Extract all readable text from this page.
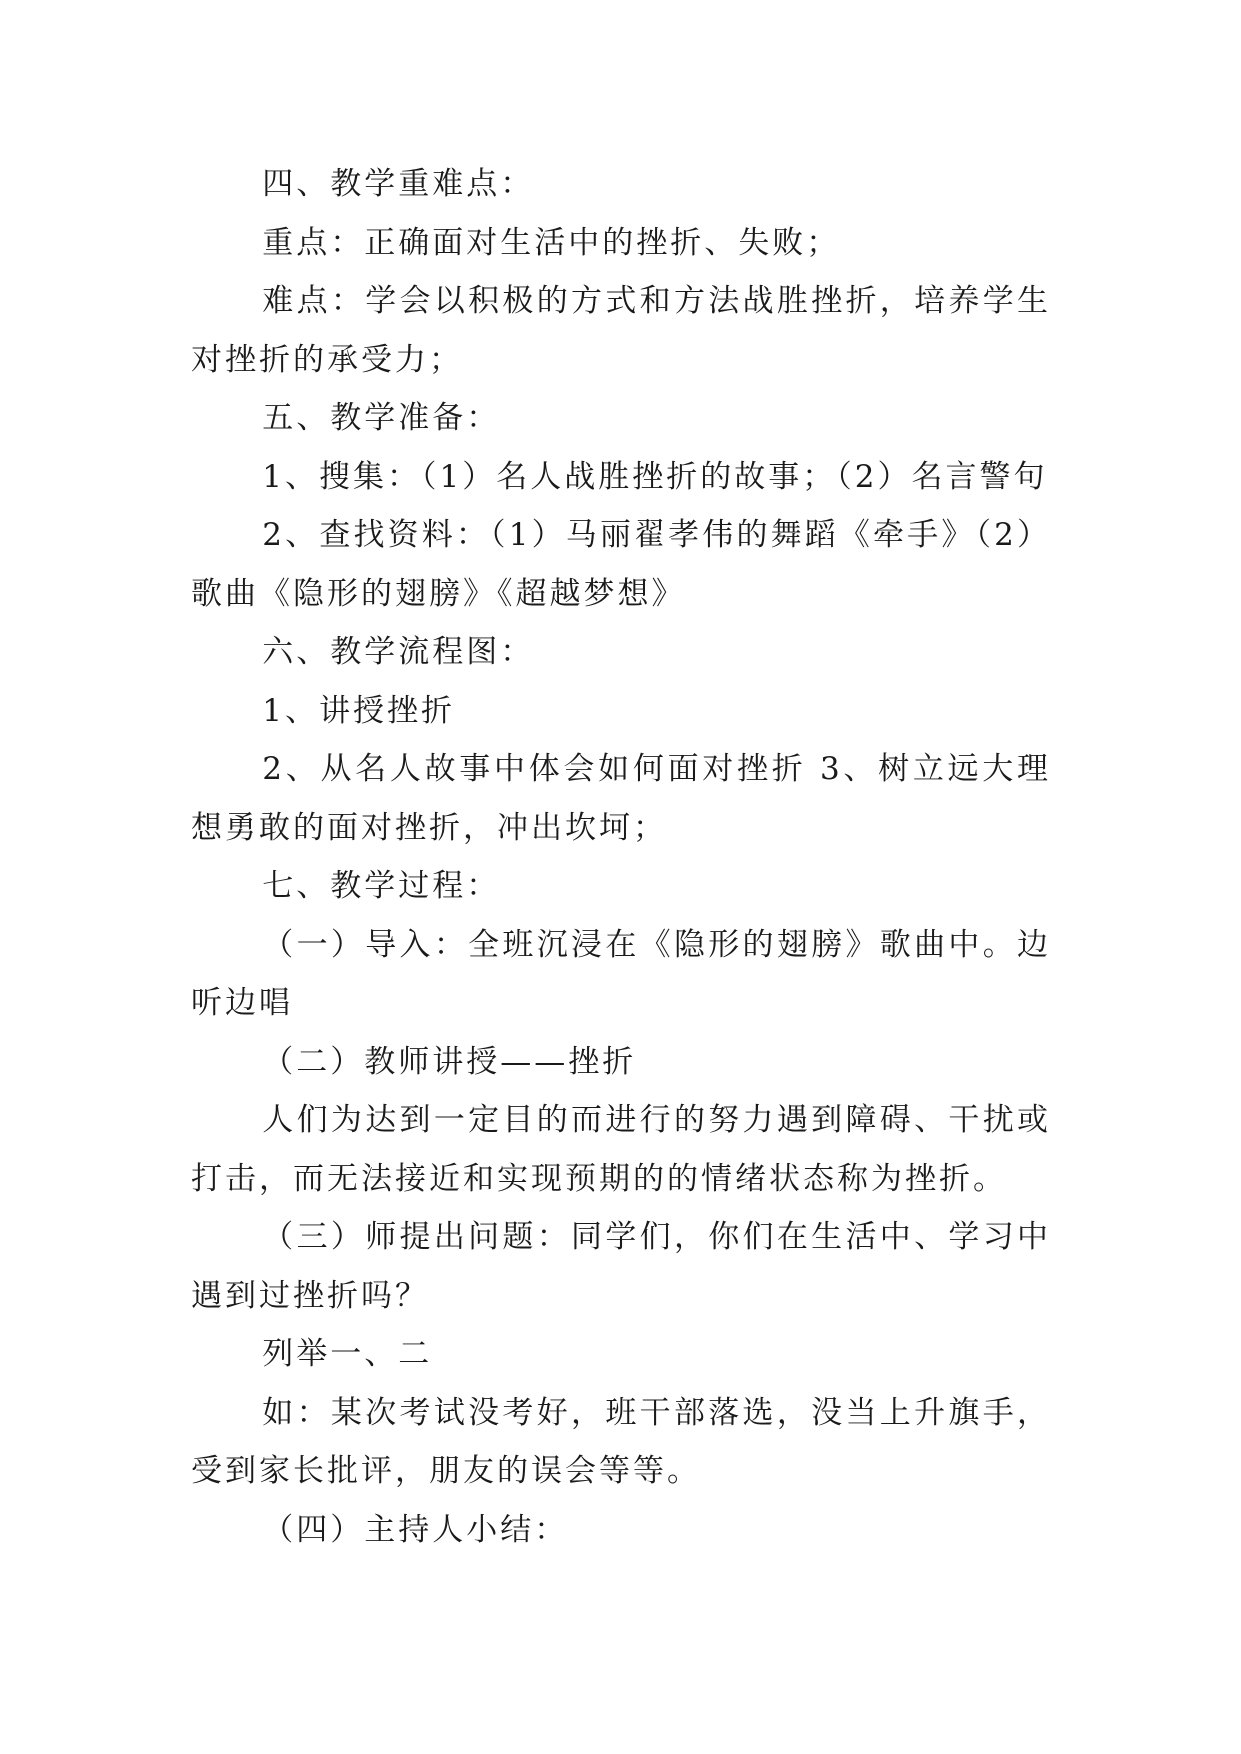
四、教学重难点：

重点：正确面对生活中的挫折、失败；

难点：学会以积极的方式和方法战胜挫折，培养学生对挫折的承受力；

五、教学准备：

1、搜集：（1）名人战胜挫折的故事；（2）名言警句

2、查找资料：（1）马丽翟孝伟的舞蹈《牵手》（2）歌曲《隐形的翅膀》《超越梦想》

六、教学流程图：

1、讲授挫折

2、从名人故事中体会如何面对挫折 3、树立远大理想勇敢的面对挫折，冲出坎坷；

七、教学过程：

（一）导入：全班沉浸在《隐形的翅膀》歌曲中。边听边唱

（二）教师讲授——挫折

人们为达到一定目的而进行的努力遇到障碍、干扰或打击，而无法接近和实现预期的的情绪状态称为挫折。

（三）师提出问题：同学们，你们在生活中、学习中遇到过挫折吗？

列举一、二

如：某次考试没考好，班干部落选，没当上升旗手，受到家长批评，朋友的误会等等。

（四）主持人小结：
